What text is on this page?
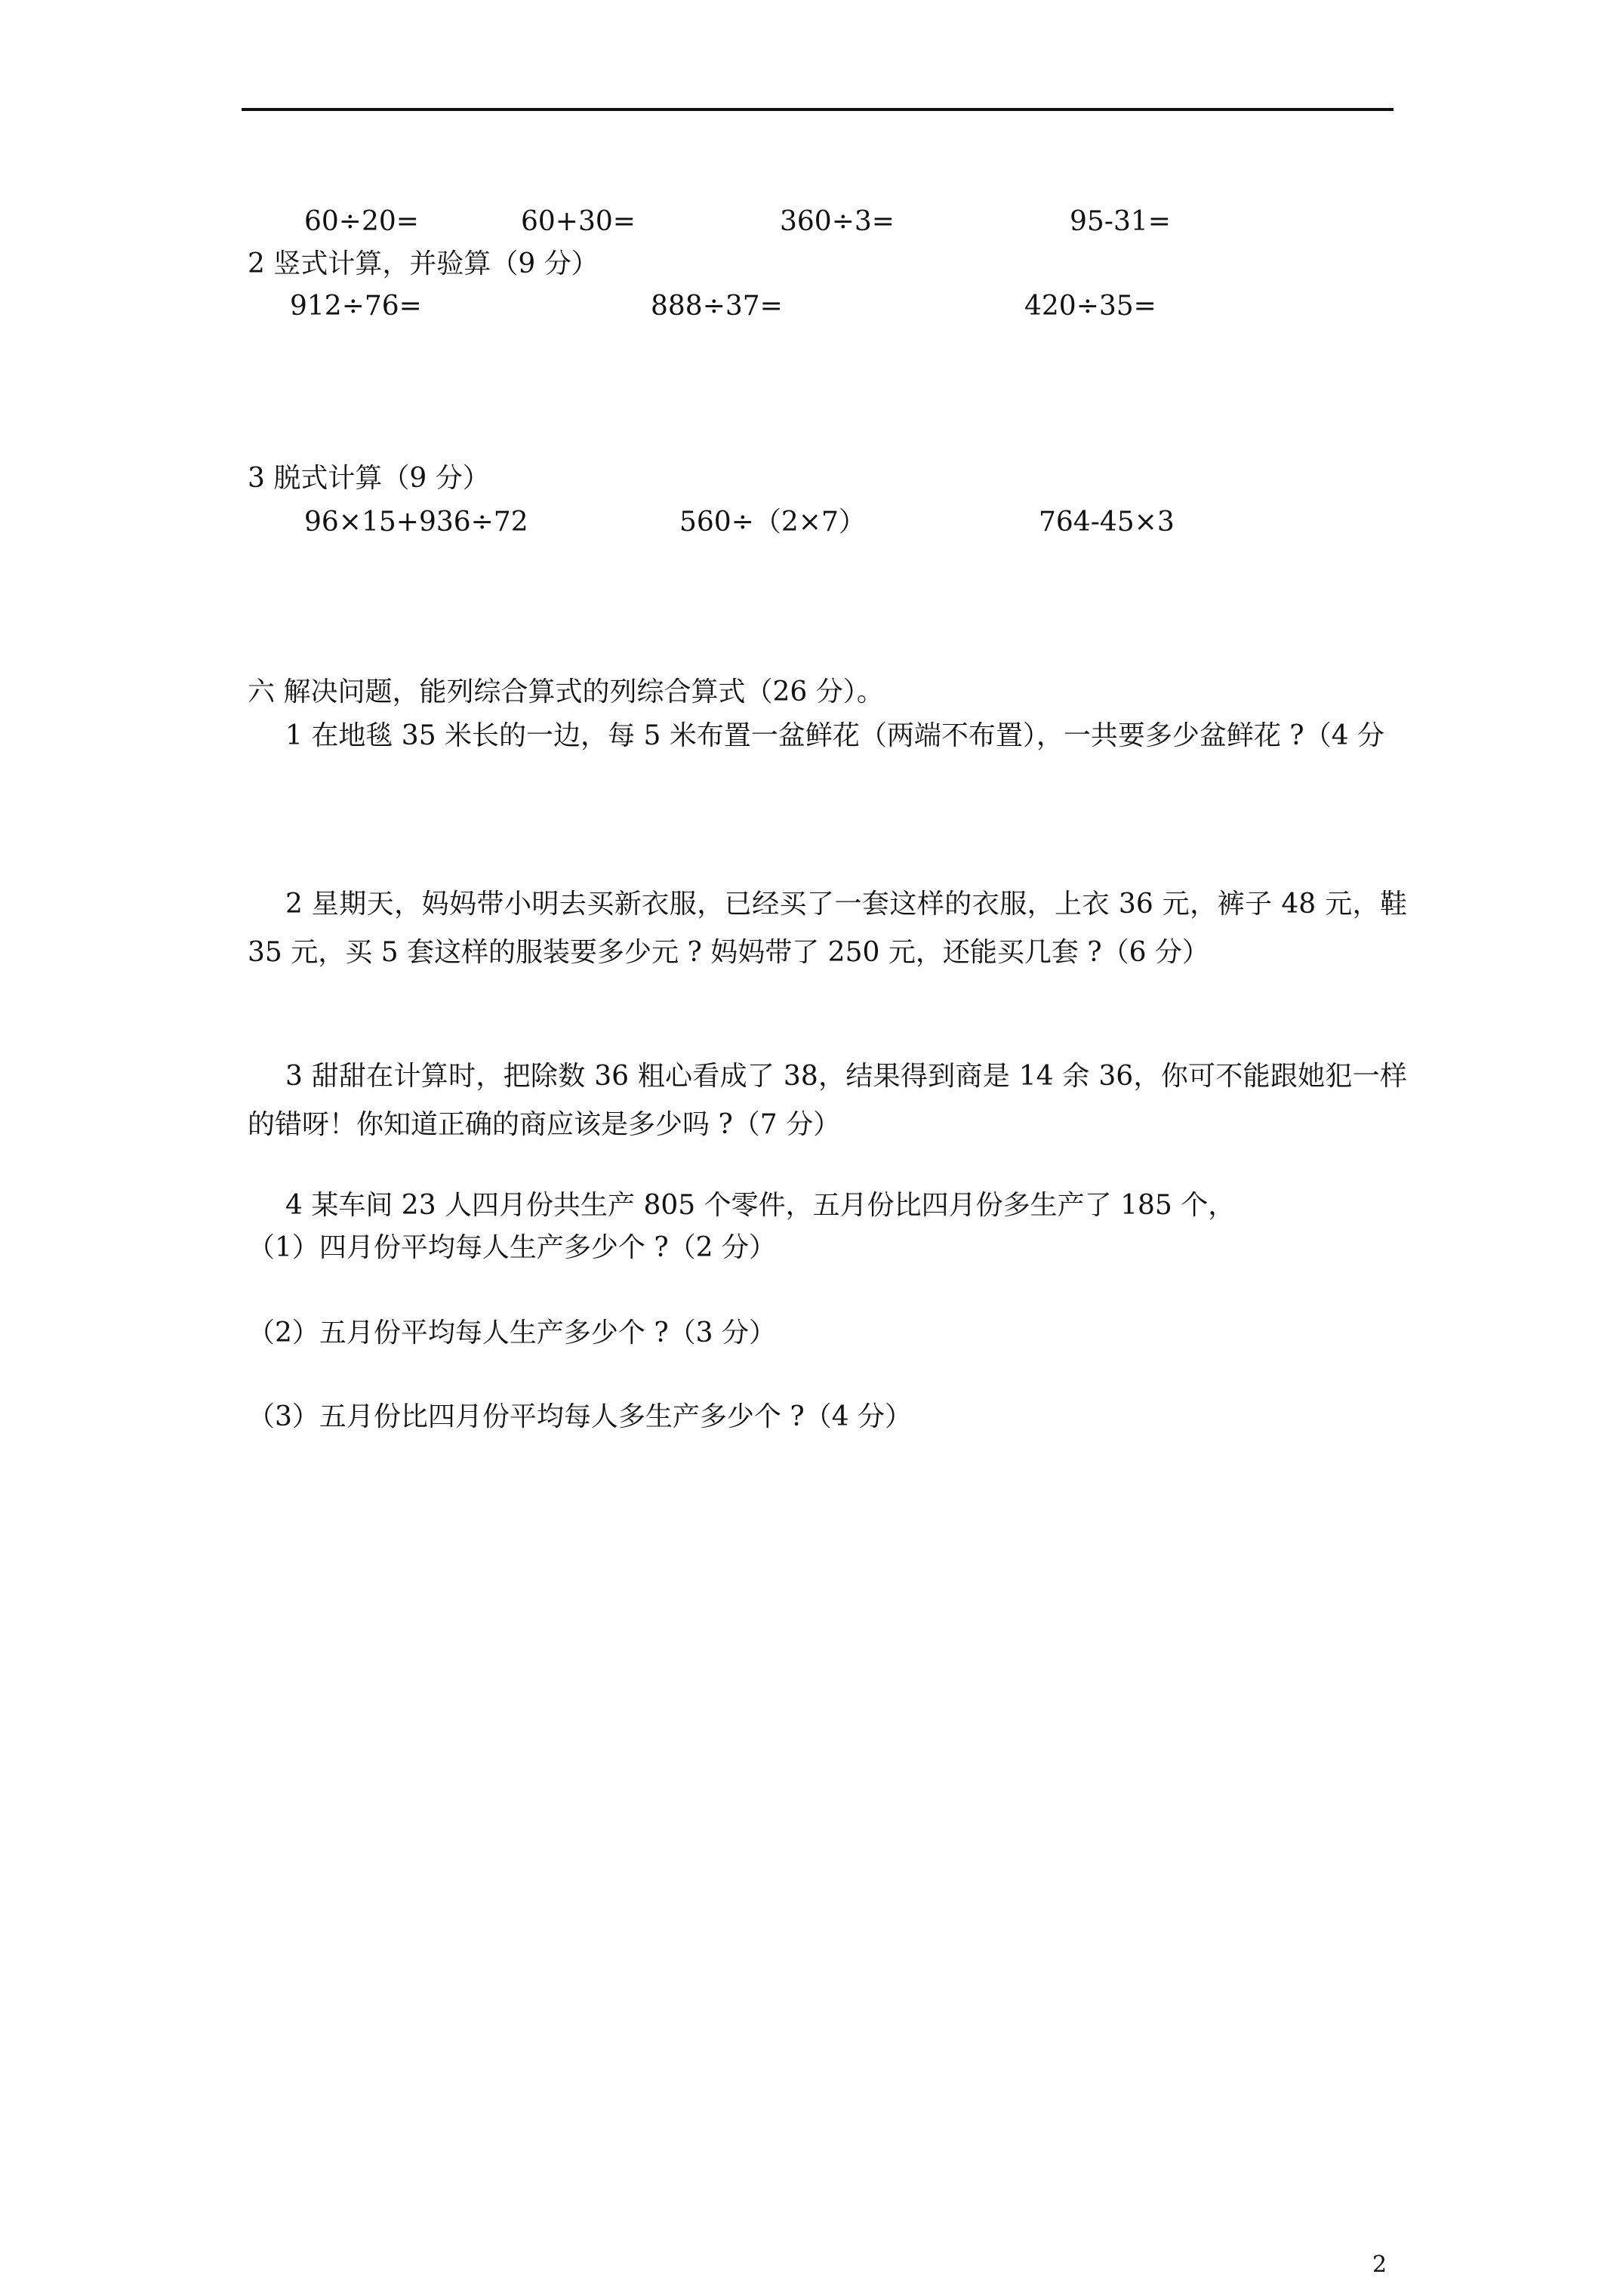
60÷20=	60+30=	360÷3=	95-31=
2 竖式计算，并验算（9 分）
912÷76=	888÷37=	420÷35=
3 脱式计算（9 分）
96×15+936÷72	560÷（2×7）	764-45×3
六 解决问题，能列综合算式的列综合算式（26 分）。
1 在地毯 35 米长的一边，每 5 米布置一盆鲜花（两端不布置），一共要多少盆鲜花 ?（4 分
2 星期天，妈妈带小明去买新衣服，已经买了一套这样的衣服，上衣 36 元，裤子 48 元，鞋 35 元，买 5 套这样的服装要多少元 ? 妈妈带了 250 元，还能买几套 ?（6 分）
3 甜甜在计算时，把除数 36 粗心看成了 38，结果得到商是 14 余 36，你可不能跟她犯一样的错呀！你知道正确的商应该是多少吗 ?（7 分）
4 某车间 23 人四月份共生产 805 个零件，五月份比四月份多生产了 185 个，
（1）四月份平均每人生产多少个 ?（2 分）
（2）五月份平均每人生产多少个 ?（3 分）
（3）五月份比四月份平均每人多生产多少个 ?（4 分）
2
